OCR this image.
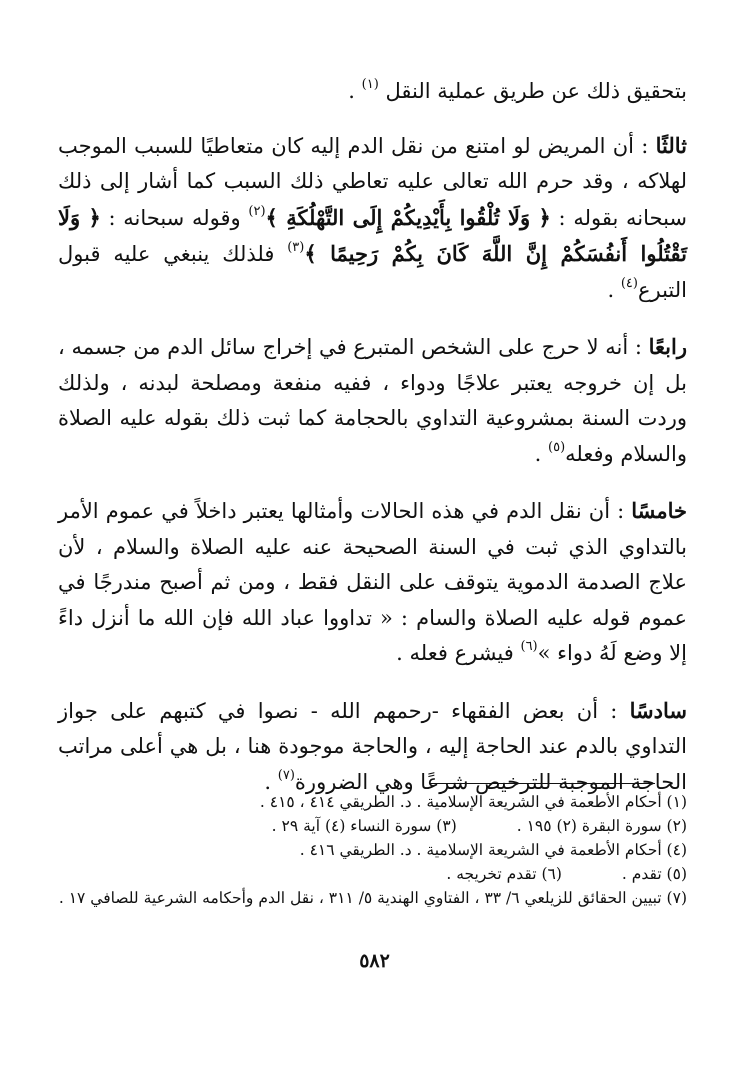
بتحقيق ذلك عن طريق عملية النقل $^{(١)}$ .

ثالثًا : أن المريض لو امتنع من نقل الدم إليه كان متعاطيًا للسبب الموجب لهلاكه ، وقد حرم الله تعالى عليه تعاطي ذلك السبب كما أشار إلى ذلك سبحانه بقوله : ﴿ وَلَا تُلْقُوا بِأَيْدِيكُمْ إِلَى التَّهْلُكَةِ ﴾$^{(٢)}$ وقوله سبحانه : ﴿ وَلَا تَقْتُلُوا أَنفُسَكُمْ إِنَّ اللَّهَ كَانَ بِكُمْ رَحِيمًا ﴾$^{(٣)}$ فلذلك ينبغي عليه قبول التبرع$^{(٤)}$ .

رابعًا : أنه لا حرج على الشخص المتبرع في إخراج سائل الدم من جسمه ، بل إن خروجه يعتبر علاجًا ودواء ، ففيه منفعة ومصلحة لبدنه ، ولذلك وردت السنة بمشروعية التداوي بالحجامة كما ثبت ذلك بقوله عليه الصلاة والسلام وفعله$^{(٥)}$ .

خامسًا : أن نقل الدم في هذه الحالات وأمثالها يعتبر داخلاً في عموم الأمر بالتداوي الذي ثبت في السنة الصحيحة عنه عليه الصلاة والسلام ، لأن علاج الصدمة الدموية يتوقف على النقل فقط ، ومن ثم أصبح مندرجًا في عموم قوله عليه الصلاة والسام : « تداووا عباد الله فإن الله ما أنزل داءً إلا وضع لَهُ دواء »$^{(٦)}$ فيشرع فعله .

سادسًا : أن بعض الفقهاء -رحمهم الله - نصوا في كتبهم على جواز التداوي بالدم عند الحاجة إليه ، والحاجة موجودة هنا ، بل هي أعلى مراتب الحاجة الموجبة للترخيص شرعًا وهي الضرورة$^{(٧)}$ .

(١) أحكام الأطعمة في الشريعة الإسلامية . د. الطريقي ٤١٤ ، ٤١٥ .

(٢) سورة البقرة (٢) ١٩٥ .
(٣) سورة النساء (٤) آية ٢٩ .

(٤) أحكام الأطعمة في الشريعة الإسلامية . د. الطريقي ٤١٦ .

(٥) تقدم .
(٦) تقدم تخريجه .

(٧) تبيين الحقائق للزيلعي ٦/ ٣٣ ، الفتاوي الهندية ٥/ ٣١١ ، نقل الدم وأحكامه الشرعية للصافي ١٧ .

٥٨٢
